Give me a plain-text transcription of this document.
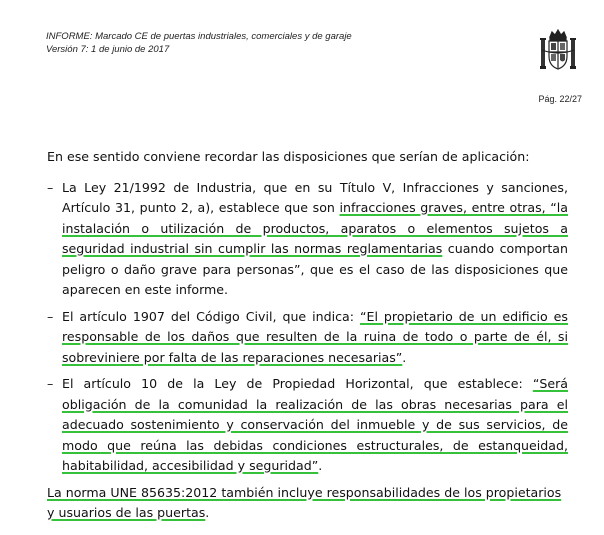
INFORME: Marcado CE de puertas industriales, comerciales y de garaje
Versión 7: 1 de junio de 2017
Pág. 22/27

En ese sentido conviene recordar las disposiciones que serían de aplicación:

– La Ley 21/1992 de Industria, que en su Título V, Infracciones y sanciones, Artículo 31, punto 2, a), establece que son infracciones graves, entre otras, “la instalación o utilización de productos, aparatos o elementos sujetos a seguridad industrial sin cumplir las normas reglamentarias cuando comportan peligro o daño grave para personas”, que es el caso de las disposiciones que aparecen en este informe.
– El artículo 1907 del Código Civil, que indica: “El propietario de un edificio es responsable de los daños que resulten de la ruina de todo o parte de él, si sobreviniere por falta de las reparaciones necesarias”.
– El artículo 10 de la Ley de Propiedad Horizontal, que establece: “Será obligación de la comunidad la realización de las obras necesarias para el adecuado sostenimiento y conservación del inmueble y de sus servicios, de modo que reúna las debidas condiciones estructurales, de estanqueidad, habitabilidad, accesibilidad y seguridad”.

La norma UNE 85635:2012 también incluye responsabilidades de los propietarios y usuarios de las puertas.
